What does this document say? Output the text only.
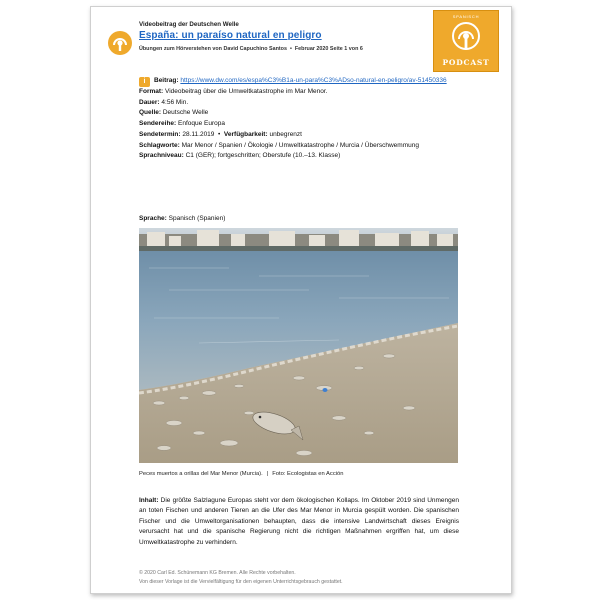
Videobeitrag der Deutschen Welle
España: un paraíso natural en peligro
Übungen zum Hörverstehen von David Capuchino Santos • Februar 2020 Seite 1 von 6
SPANISCH
PODCAST
i Beitrag: https://www.dw.com/es/espa%C3%B1a-un-para%C3%ADso-natural-en-peligro/av-51450336
Format: Videobeitrag über die Umweltkatastrophe im Mar Menor.
Dauer: 4:56 Min.
Quelle: Deutsche Welle
Sendereihe: Enfoque Europa
Sendetermin: 28.11.2019  •  Verfügbarkeit: unbegrenzt
Schlagworte: Mar Menor / Spanien / Ökologie / Umweltkatastrophe / Murcia / Überschwemmung
Sprachniveau: C1 (GER); fortgeschritten; Oberstufe (10.–13. Klasse)
Sprache: Spanisch (Spanien)
Peces muertos a orillas del Mar Menor (Murcia). | Foto: Ecologistas en Acción
Inhalt: Die größte Salzlagune Europas steht vor dem ökologischen Kollaps. Im Oktober 2019 sind Unmengen an toten Fischen und anderen Tieren an die Ufer des Mar Menor in Murcia gespült worden. Die spanischen Fischer und die Umweltorganisationen behaupten, dass die intensive Landwirtschaft dieses Ereignis verursacht hat und die spanische Regierung nicht die richtigen Maßnahmen ergriffen hat, um diese Umweltkatastrophe zu verhindern.
© 2020 Carl Ed. Schünemann KG Bremen. Alle Rechte vorbehalten.
Von dieser Vorlage ist die Vervielfältigung für den eigenen Unterrichtsgebrauch gestattet.
